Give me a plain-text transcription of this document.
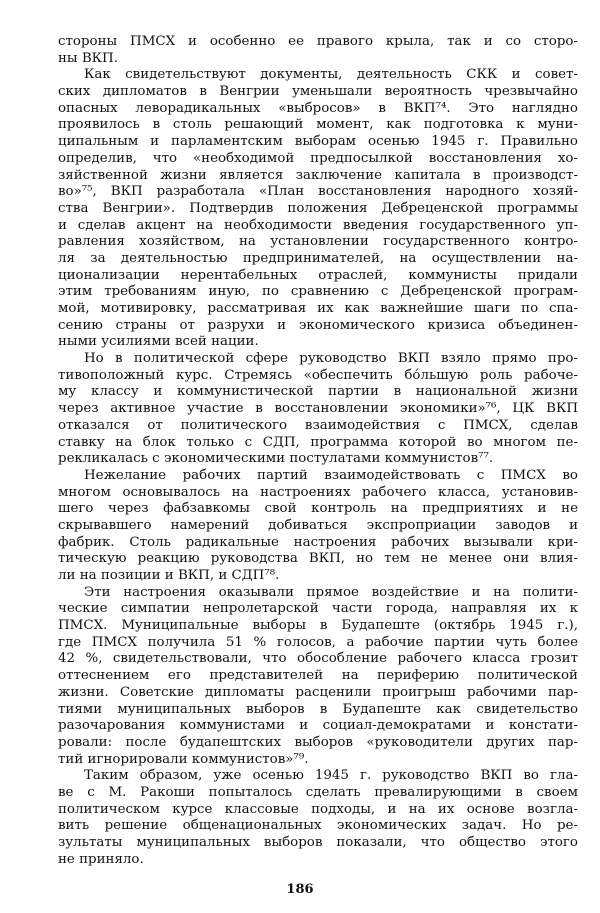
стороны ПМСХ и особенно ее правого крыла, так и со сторо-
ны ВКП.
Как свидетельствуют документы, деятельность СКК и совет-
ских дипломатов в Венгрии уменьшали вероятность чрезвычайно
опасных леворадикальных «выбросов» в ВКП⁷⁴. Это наглядно
проявилось в столь решающий момент, как подготовка к муни-
ципальным и парламентским выборам осенью 1945 г. Правильно
определив, что «необходимой предпосылкой восстановления хо-
зяйственной жизни является заключение капитала в производст-
во»⁷⁵, ВКП разработала «План восстановления народного хозяй-
ства Венгрии». Подтвердив положения Дебреценской программы
и сделав акцент на необходимости введения государственного уп-
равления хозяйством, на установлении государственного контро-
ля за деятельностью предпринимателей, на осуществлении на-
ционализации нерентабельных отраслей, коммунисты придали
этим требованиям иную, по сравнению с Дебреценской програм-
мой, мотивировку, рассматривая их как важнейшие шаги по спа-
сению страны от разрухи и экономического кризиса объединен-
ными усилиями всей нации.
Но в политической сфере руководство ВКП взяло прямо про-
тивоположный курс. Стремясь «обеспечить бо́льшую роль рабоче-
му классу и коммунистической партии в национальной жизни
через активное участие в восстановлении экономики»⁷⁶, ЦК ВКП
отказался от политического взаимодействия с ПМСХ, сделав
ставку на блок только с СДП, программа которой во многом пе-
рекликалась с экономическими постулатами коммунистов⁷⁷.
Нежелание рабочих партий взаимодействовать с ПМСХ во
многом основывалось на настроениях рабочего класса, установив-
шего через фабзавкомы свой контроль на предприятиях и не
скрывавшего намерений добиваться экспроприации заводов и
фабрик. Столь радикальные настроения рабочих вызывали кри-
тическую реакцию руководства ВКП, но тем не менее они влия-
ли на позиции и ВКП, и СДП⁷⁸.
Эти настроения оказывали прямое воздействие и на полити-
ческие симпатии непролетарской части города, направляя их к
ПМСХ. Муниципальные выборы в Будапеште (октябрь 1945 г.),
где ПМСХ получила 51 % голосов, а рабочие партии чуть более
42 %, свидетельствовали, что обособление рабочего класса грозит
оттеснением его представителей на периферию политической
жизни. Советские дипломаты расценили проигрыш рабочими пар-
тиями муниципальных выборов в Будапеште как свидетельство
разочарования коммунистами и социал-демократами и констати-
ровали: после будапештских выборов «руководители других пар-
тий игнорировали коммунистов»⁷⁹.
Таким образом, уже осенью 1945 г. руководство ВКП во гла-
ве с М. Ракоши попыталось сделать превалирующими в своем
политическом курсе классовые подходы, и на их основе возгла-
вить решение общенациональных экономических задач. Но ре-
зультаты муниципальных выборов показали, что общество этого
не приняло.
186
